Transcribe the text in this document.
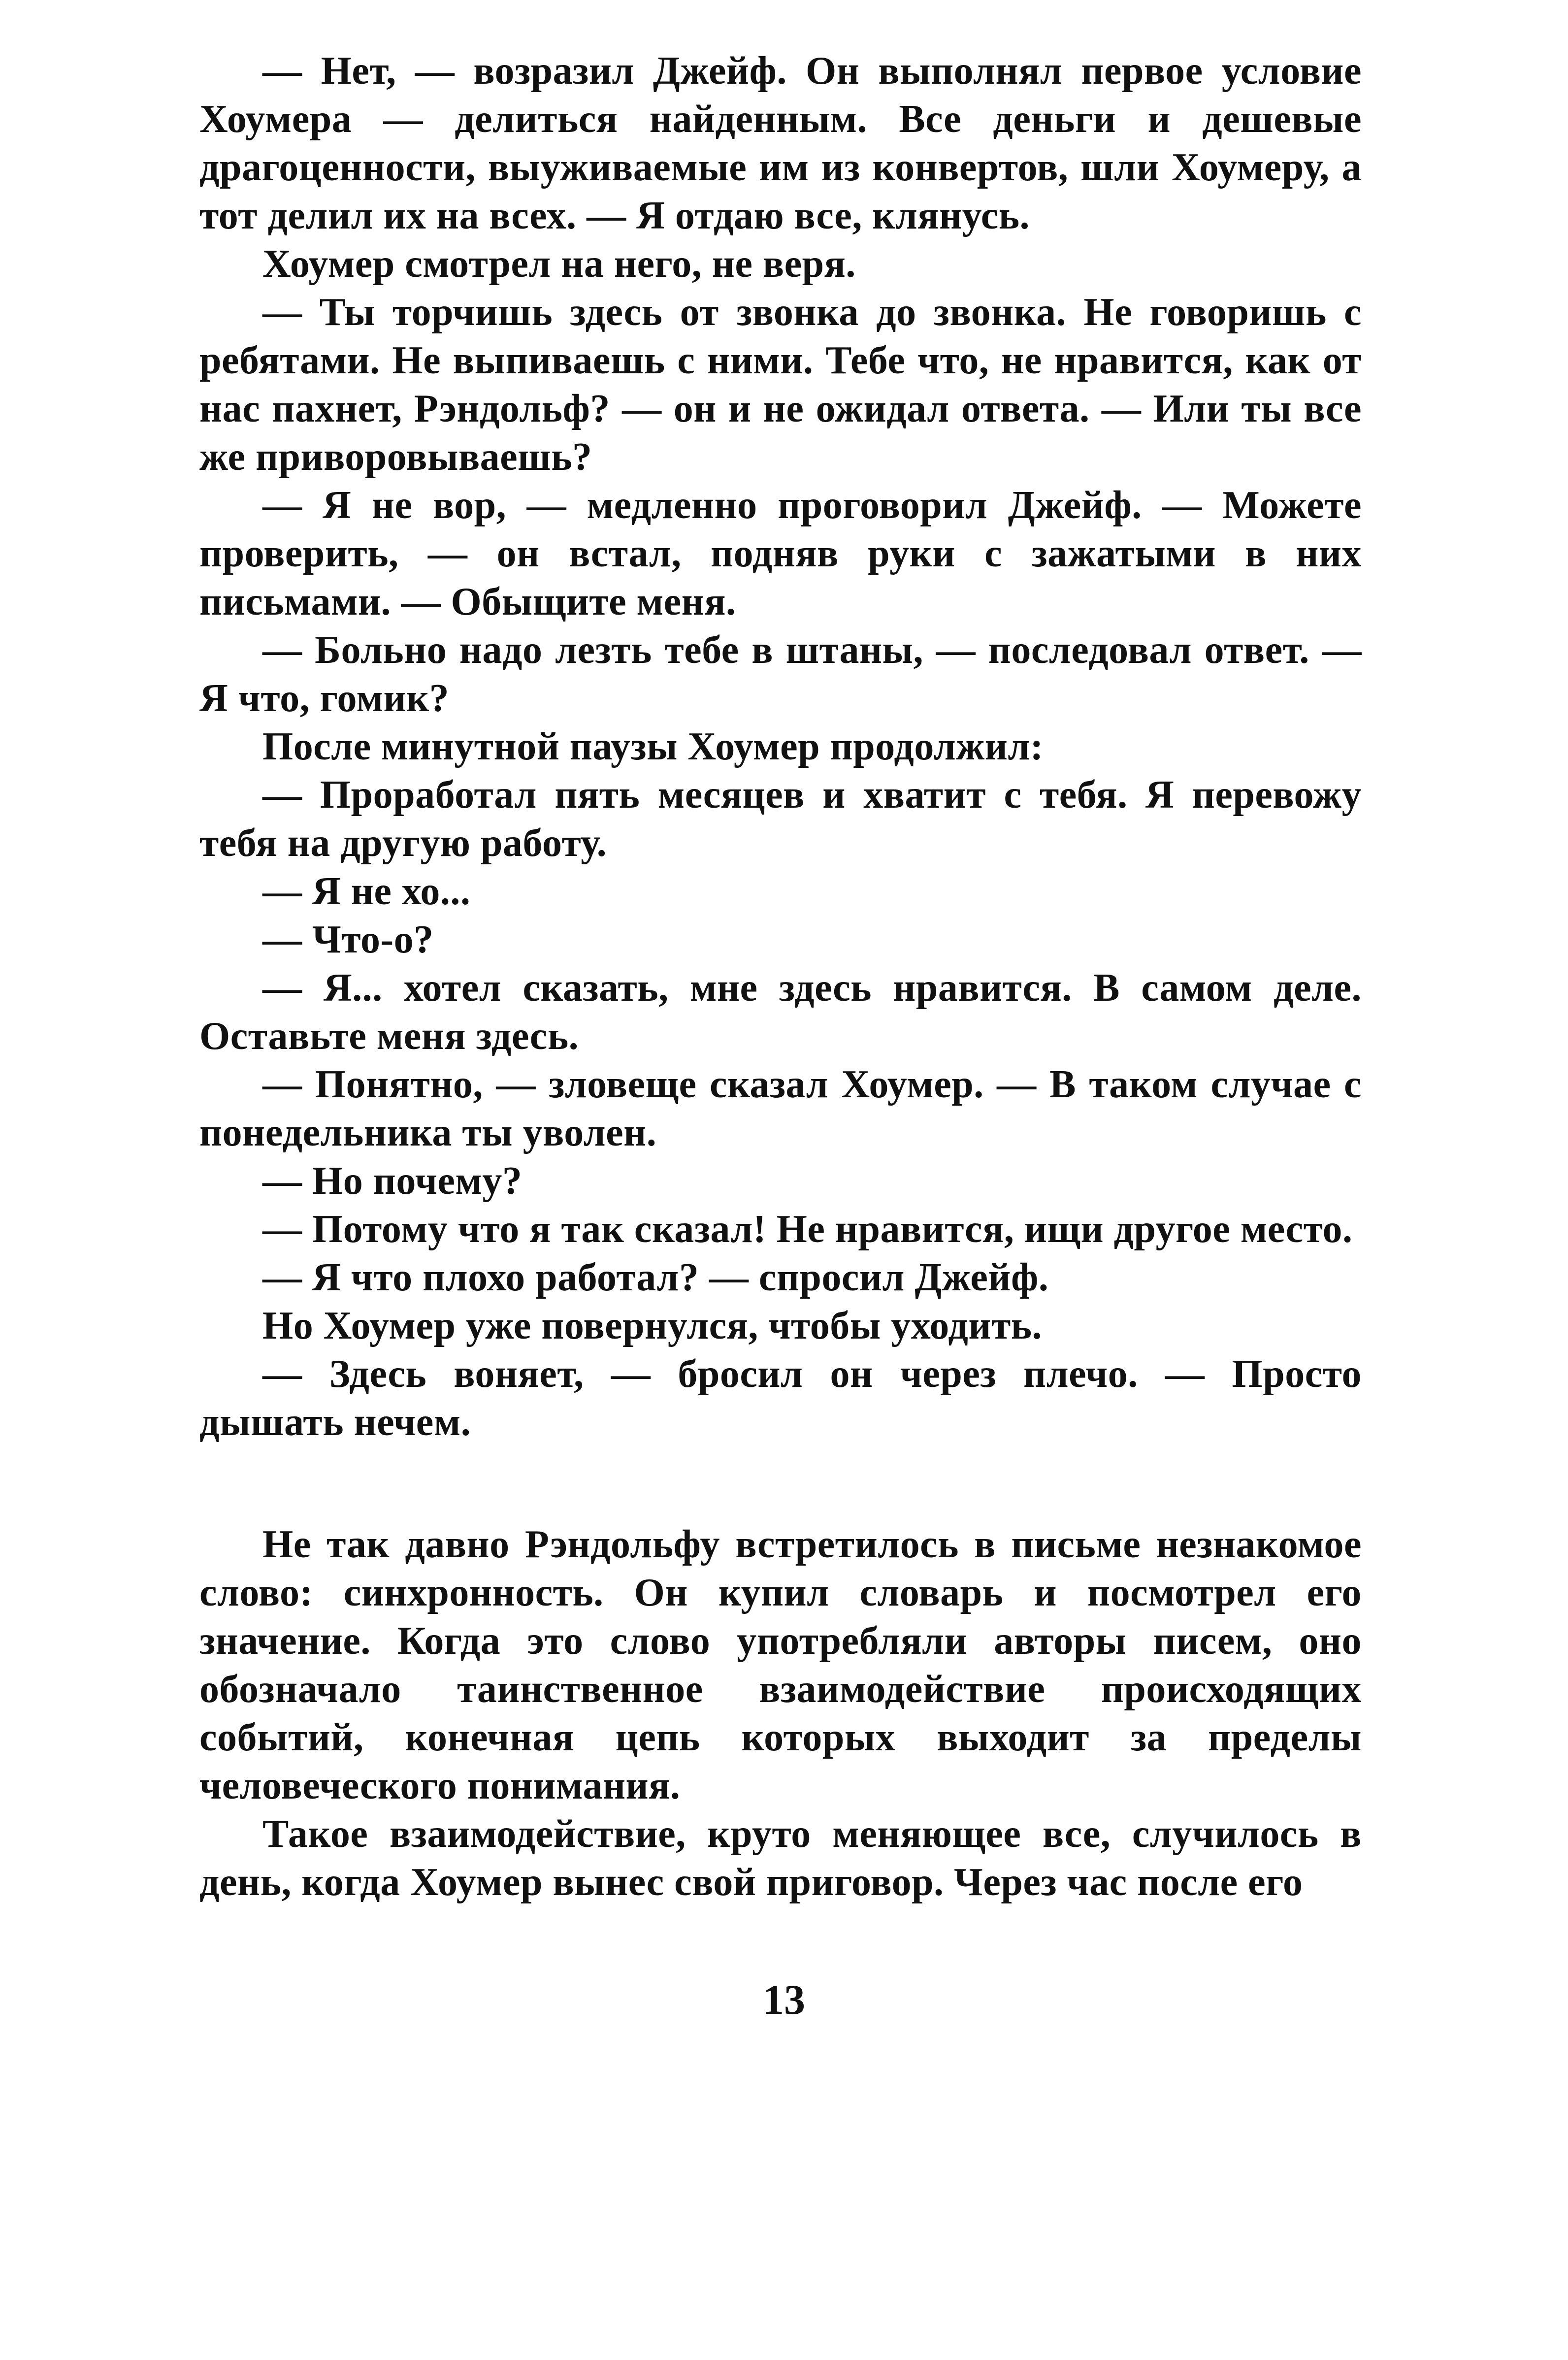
— Нет, — возразил Джейф. Он выполнял первое условие Хоумера — делиться найденным. Все деньги и дешевые драгоценности, выуживаемые им из конвертов, шли Хоумеру, а тот делил их на всех. — Я отдаю все, клянусь.

Хоумер смотрел на него, не веря.

— Ты торчишь здесь от звонка до звонка. Не говоришь с ребятами. Не выпиваешь с ними. Тебе что, не нравится, как от нас пахнет, Рэндольф? — он и не ожидал ответа. — Или ты все же приворовываешь?

— Я не вор, — медленно проговорил Джейф. — Можете проверить, — он встал, подняв руки с зажатыми в них письмами. — Обыщите меня.

— Больно надо лезть тебе в штаны, — последовал ответ. — Я что, гомик?

После минутной паузы Хоумер продолжил:

— Проработал пять месяцев и хватит с тебя. Я перевожу тебя на другую работу.

— Я не хо...

— Что-о?

— Я... хотел сказать, мне здесь нравится. В самом деле. Оставьте меня здесь.

— Понятно, — зловеще сказал Хоумер. — В таком случае с понедельника ты уволен.

— Но почему?

— Потому что я так сказал! Не нравится, ищи другое место.

— Я что плохо работал? — спросил Джейф.

Но Хоумер уже повернулся, чтобы уходить.

— Здесь воняет, — бросил он через плечо. — Просто дышать нечем.

Не так давно Рэндольфу встретилось в письме незнакомое слово: синхронность. Он купил словарь и посмотрел его значение. Когда это слово употребляли авторы писем, оно обозначало таинственное взаимодействие происходящих событий, конечная цепь которых выходит за пределы человеческого понимания.

Такое взаимодействие, круто меняющее все, случилось в день, когда Хоумер вынес свой приговор. Через час после его

13
